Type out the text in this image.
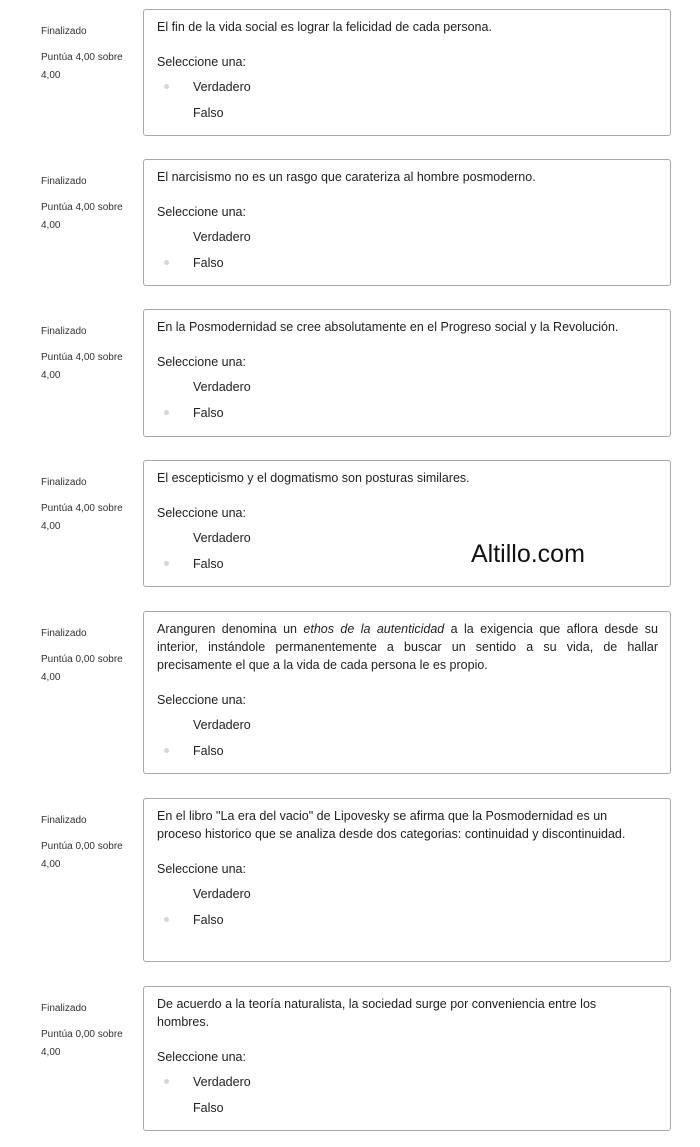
Finalizado
Puntúa 4,00 sobre 4,00

El fin de la vida social es lograr la felicidad de cada persona.

Seleccione una:
Verdadero
Falso
Finalizado
Puntúa 4,00 sobre 4,00

El narcisismo no es un rasgo que carateriza al hombre posmoderno.

Seleccione una:
Verdadero
Falso
Finalizado
Puntúa 4,00 sobre 4,00

En la Posmodernidad se cree absolutamente en el Progreso social y la Revolución.

Seleccione una:
Verdadero
Falso
Finalizado
Puntúa 4,00 sobre 4,00

El escepticismo y el dogmatismo son posturas similares.

Seleccione una:
Verdadero
Falso
Finalizado
Puntúa 0,00 sobre 4,00

Aranguren denomina un ethos de la autenticidad a la exigencia que aflora desde su interior, instándole permanentemente a buscar un sentido a su vida, de hallar precisamente el que a la vida de cada persona le es propio.

Seleccione una:
Verdadero
Falso
Finalizado
Puntúa 0,00 sobre 4,00

En el libro "La era del vacio" de Lipovesky se afirma que la Posmodernidad es un proceso historico que se analiza desde dos categorias: continuidad y discontinuidad.

Seleccione una:
Verdadero
Falso
Finalizado
Puntúa 0,00 sobre 4,00

De acuerdo a la teoría naturalista, la sociedad surge por conveniencia entre los hombres.

Seleccione una:
Verdadero
Falso
Altillo.com
